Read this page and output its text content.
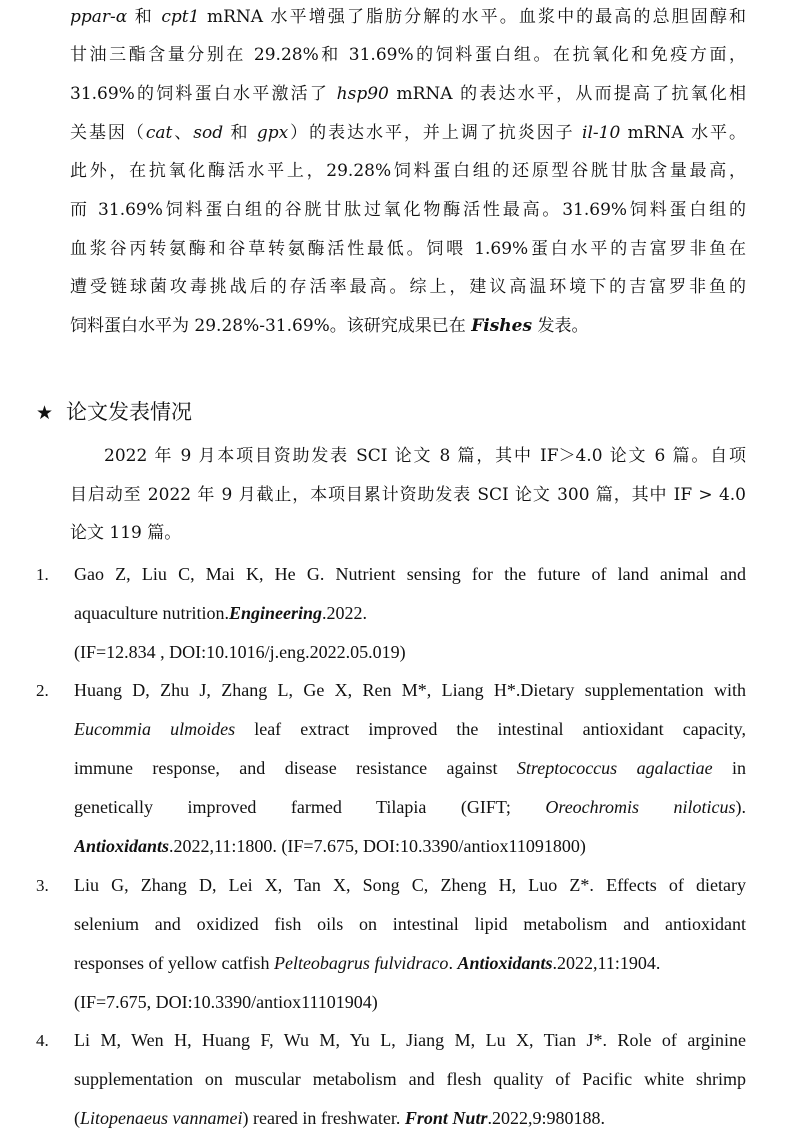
ppar-α 和 cpt1 mRNA 水平增强了脂肪分解的水平。血浆中的最高的总胆固醇和
甘油三酯含量分别在 29.28%和 31.69%的饲料蛋白组。在抗氧化和免疫方面，
31.69%的饲料蛋白水平激活了 hsp90 mRNA 的表达水平，从而提高了抗氧化相
关基因（cat、sod 和 gpx）的表达水平，并上调了抗炎因子 il-10 mRNA 水平。
此外，在抗氧化酶活水平上，29.28%饲料蛋白组的还原型谷胱甘肽含量最高，
而 31.69%饲料蛋白组的谷胱甘肽过氧化物酶活性最高。31.69%饲料蛋白组的
血浆谷丙转氨酶和谷草转氨酶活性最低。饲喂 1.69%蛋白水平的吉富罗非鱼在
遭受链球菌攻毒挑战后的存活率最高。综上，建议高温环境下的吉富罗非鱼的
饲料蛋白水平为 29.28%-31.69%。该研究成果已在 Fishes 发表。
★ 论文发表情况
2022 年 9 月本项目资助发表 SCI 论文 8 篇，其中 IF＞4.0 论文 6 篇。自项
目启动至 2022 年 9 月截止，本项目累计资助发表 SCI 论文 300 篇，其中 IF > 4.0
论文 119 篇。
1.	Gao Z, Liu C, Mai K, He G. Nutrient sensing for the future of land animal and
aquaculture nutrition.Engineering.2022.
(IF=12.834 , DOI:10.1016/j.eng.2022.05.019)
2.	Huang D, Zhu J, Zhang L, Ge X, Ren M*, Liang H*.Dietary supplementation with
Eucommia ulmoides leaf extract improved the intestinal antioxidant capacity,
immune response, and disease resistance against Streptococcus agalactiae in
genetically improved farmed Tilapia (GIFT; Oreochromis niloticus).
Antioxidants.2022,11:1800. (IF=7.675, DOI:10.3390/antiox11091800)
3.	Liu G, Zhang D, Lei X, Tan X, Song C, Zheng H, Luo Z*. Effects of dietary
selenium and oxidized fish oils on intestinal lipid metabolism and antioxidant
responses of yellow catfish Pelteobagrus fulvidraco. Antioxidants.2022,11:1904.
(IF=7.675, DOI:10.3390/antiox11101904)
4.	Li M, Wen H, Huang F, Wu M, Yu L, Jiang M, Lu X, Tian J*. Role of arginine
supplementation on muscular metabolism and flesh quality of Pacific white shrimp
(Litopenaeus vannamei) reared in freshwater. Front Nutr.2022,9:980188.
